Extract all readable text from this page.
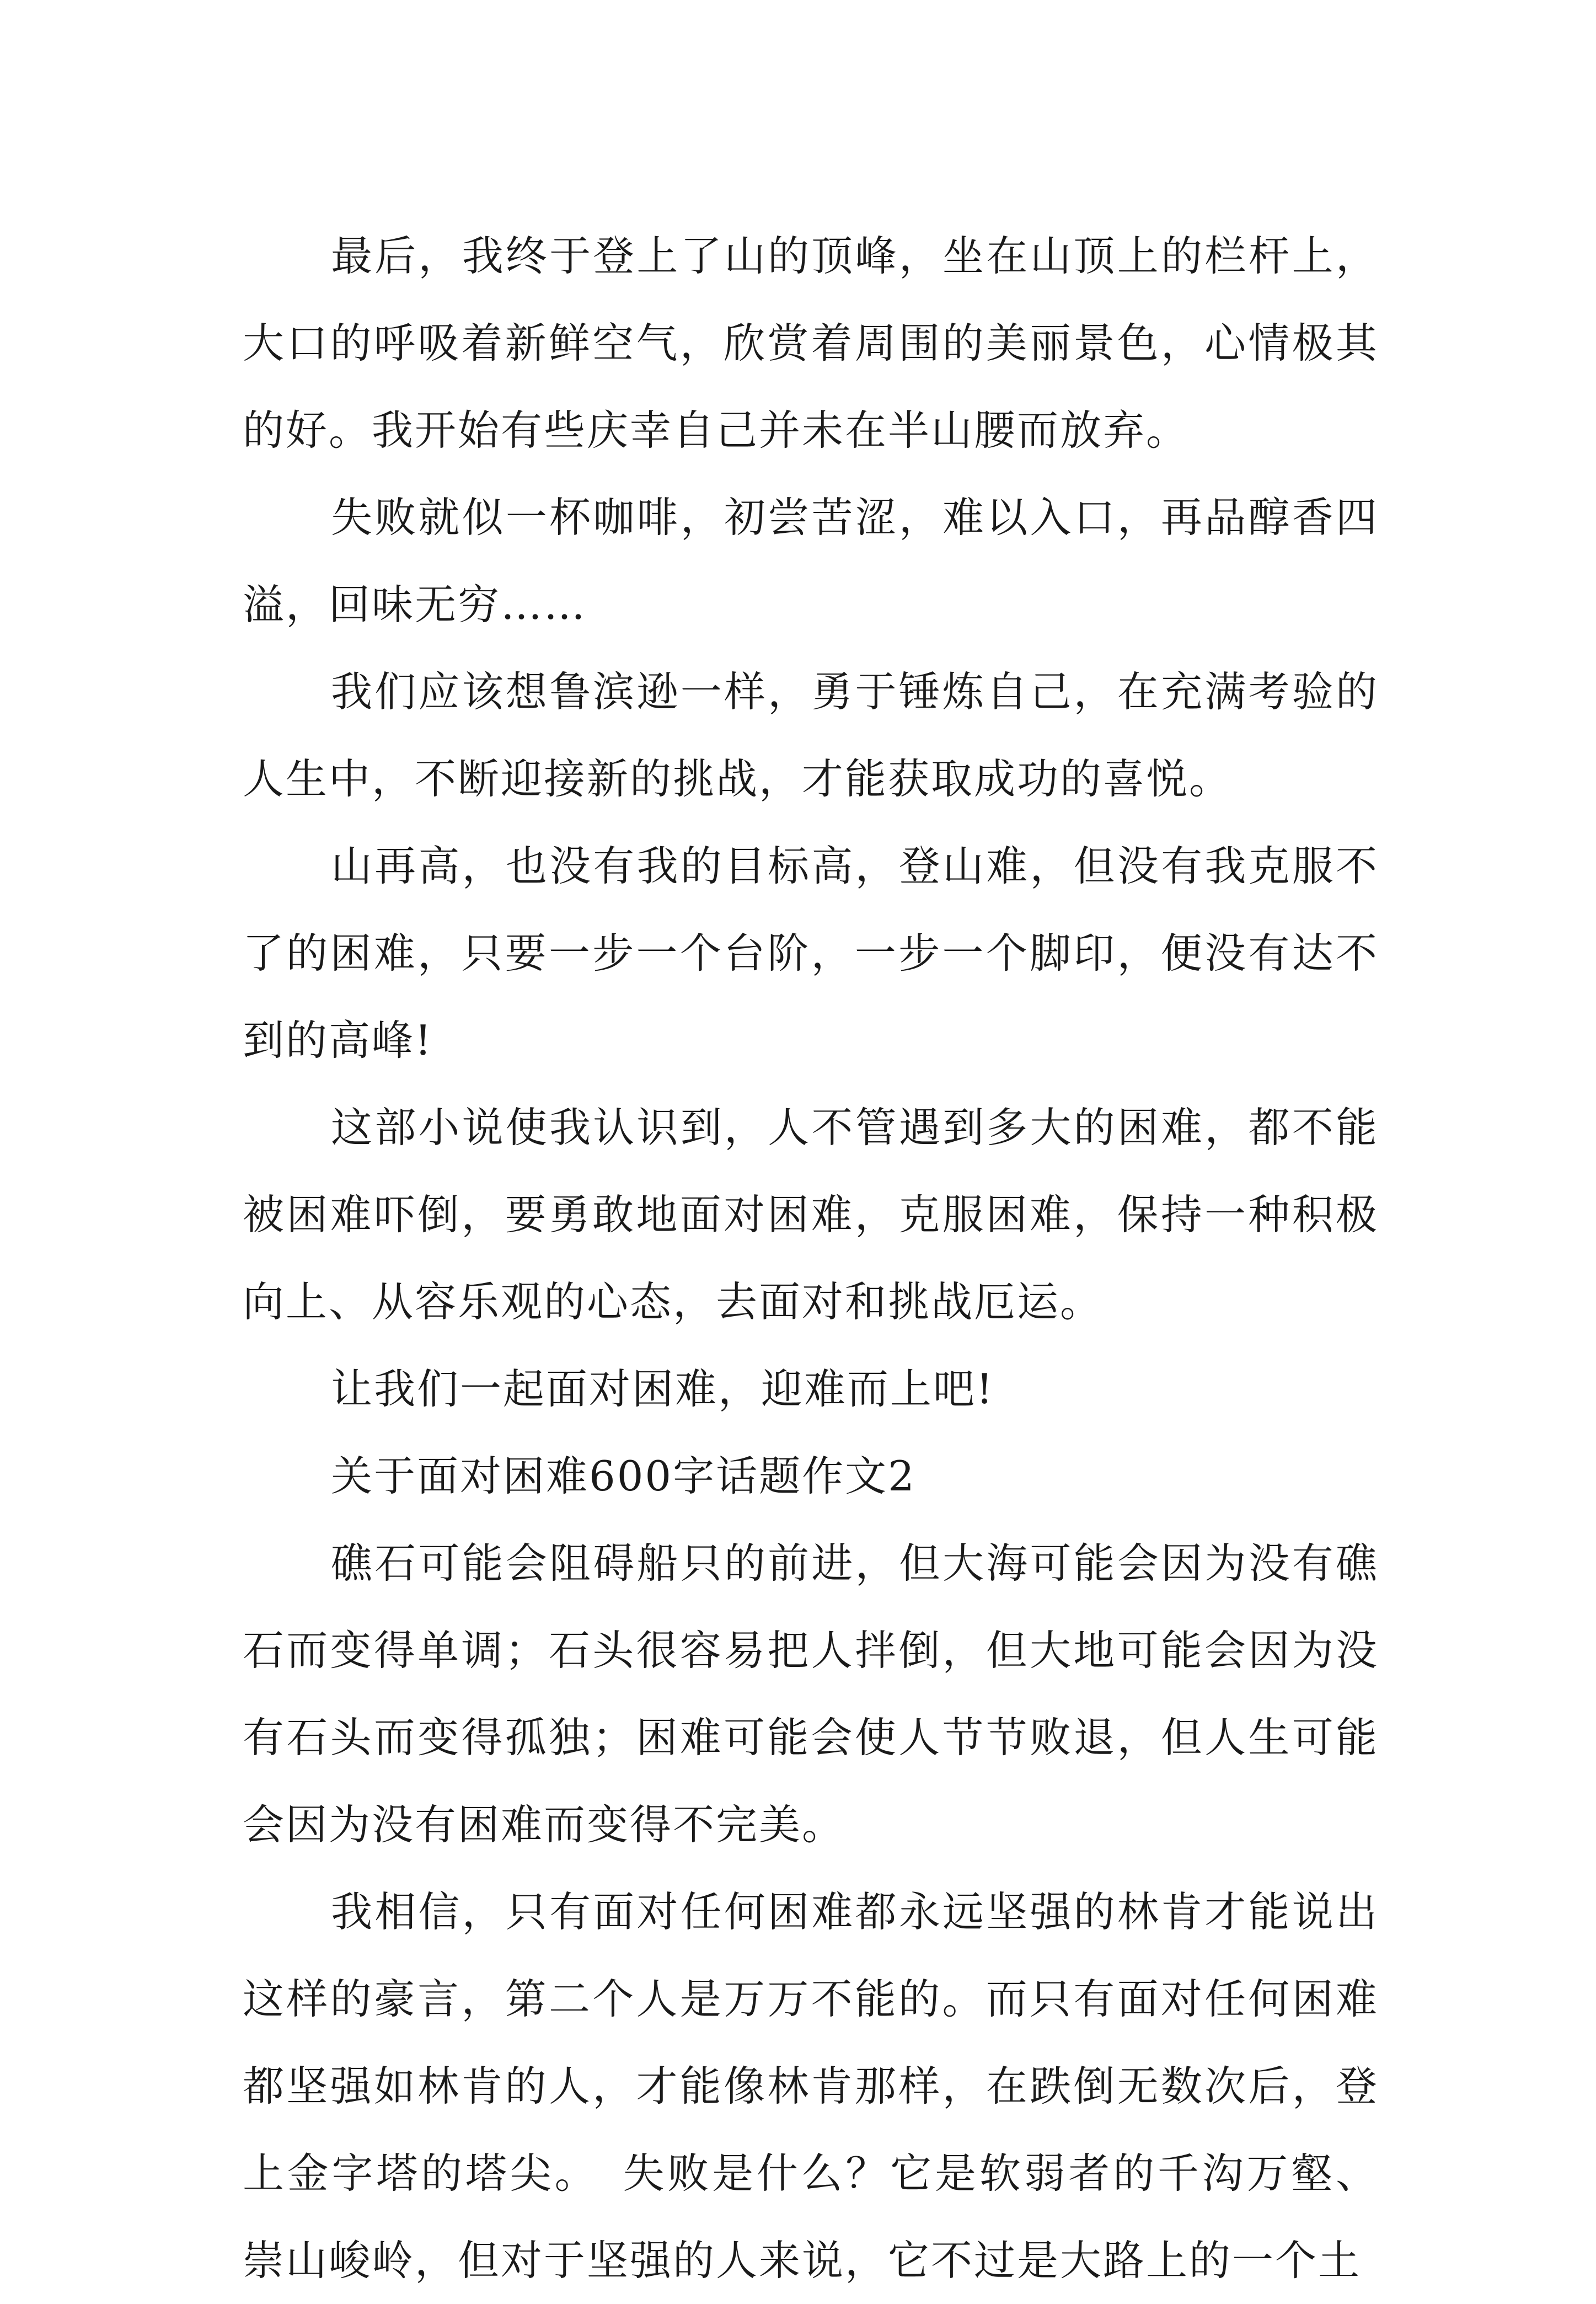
最后，我终于登上了山的顶峰，坐在山顶上的栏杆上，大口的呼吸着新鲜空气，欣赏着周围的美丽景色，心情极其的好。我开始有些庆幸自己并未在半山腰而放弃。

失败就似一杯咖啡，初尝苦涩，难以入口，再品醇香四溢，回味无穷……

我们应该想鲁滨逊一样，勇于锤炼自己，在充满考验的人生中，不断迎接新的挑战，才能获取成功的喜悦。

山再高，也没有我的目标高，登山难，但没有我克服不了的困难，只要一步一个台阶，一步一个脚印，便没有达不到的高峰!

这部小说使我认识到，人不管遇到多大的困难，都不能被困难吓倒，要勇敢地面对困难，克服困难，保持一种积极向上、从容乐观的心态，去面对和挑战厄运。

让我们一起面对困难，迎难而上吧!

关于面对困难600字话题作文2

礁石可能会阻碍船只的前进，但大海可能会因为没有礁石而变得单调；石头很容易把人拌倒，但大地可能会因为没有石头而变得孤独；困难可能会使人节节败退，但人生可能会因为没有困难而变得不完美。

我相信，只有面对任何困难都永远坚强的林肯才能说出这样的豪言，第二个人是万万不能的。而只有面对任何困难都坚强如林肯的人，才能像林肯那样，在跌倒无数次后，登上金字塔的塔尖。　失败是什么？它是软弱者的千沟万壑、崇山峻岭，但对于坚强的人来说，它不过是大路上的一个土
